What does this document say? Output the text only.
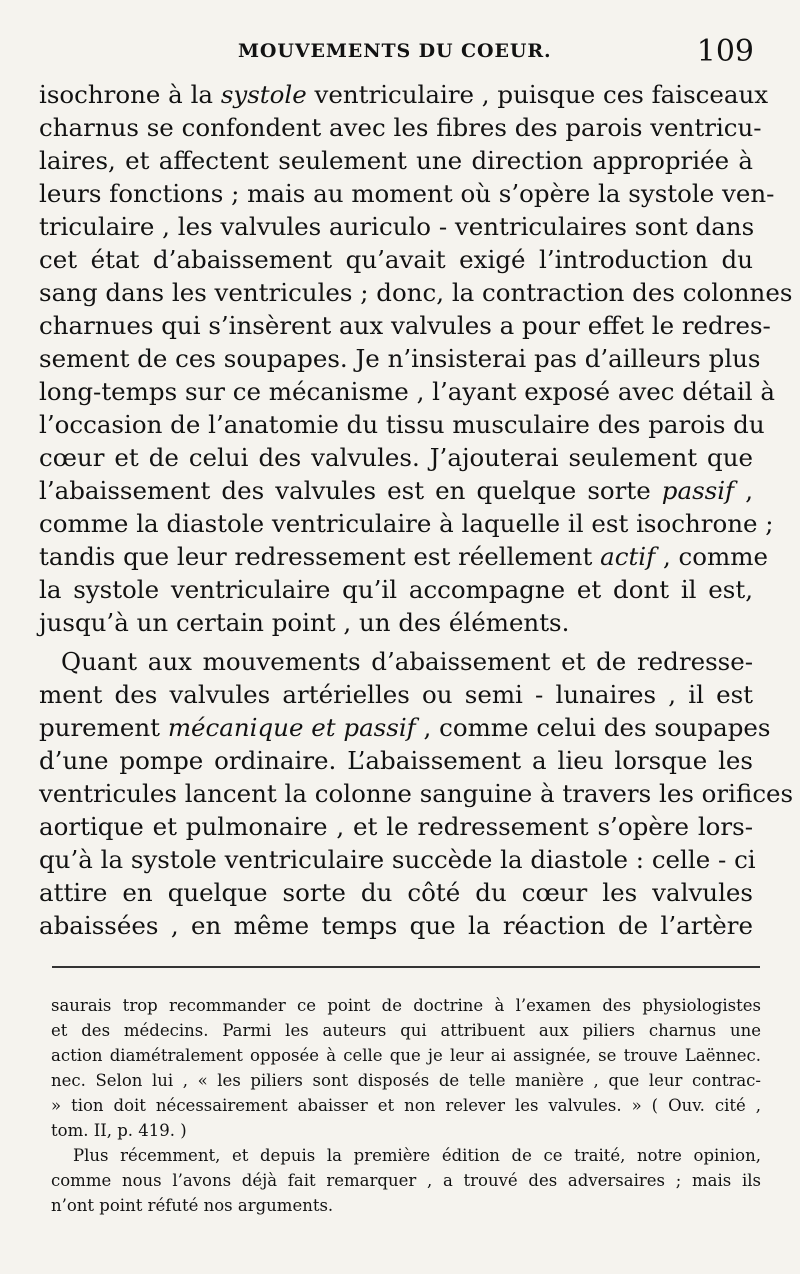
MOUVEMENTS DU COEUR.	109
isochrone à la systole ventriculaire , puisque ces faisceaux
charnus se confondent avec les fibres des parois ventricu-
laires, et affectent seulement une direction appropriée à
leurs fonctions ; mais au moment où s’opère la systole ven-
triculaire , les valvules auriculo - ventriculaires sont dans
cet état d’abaissement qu’avait exigé l’introduction du
sang dans les ventricules ; donc, la contraction des colonnes
charnues qui s’insèrent aux valvules a pour effet le redres-
sement de ces soupapes. Je n’insisterai pas d’ailleurs plus
long-temps sur ce mécanisme , l’ayant exposé avec détail à
l’occasion de l’anatomie du tissu musculaire des parois du
cœur et de celui des valvules. J’ajouterai seulement que
l’abaissement des valvules est en quelque sorte passif ,
comme la diastole ventriculaire à laquelle il est isochrone ;
tandis que leur redressement est réellement actif , comme
la systole ventriculaire qu’il accompagne et dont il est,
jusqu’à un certain point , un des éléments.
Quant aux mouvements d’abaissement et de redresse-
ment des valvules artérielles ou semi - lunaires , il est
purement mécanique et passif , comme celui des soupapes
d’une pompe ordinaire. L’abaissement a lieu lorsque les
ventricules lancent la colonne sanguine à travers les orifices
aortique et pulmonaire , et le redressement s’opère lors-
qu’à la systole ventriculaire succède la diastole : celle - ci
attire en quelque sorte du côté du cœur les valvules
abaissées , en même temps que la réaction de l’artère
saurais trop recommander ce point de doctrine à l’examen des physiologistes
et des médecins. Parmi les auteurs qui attribuent aux piliers charnus une
action diamétralement opposée à celle que je leur ai assignée, se trouve Laënnec.
nec. Selon lui , « les piliers sont disposés de telle manière , que leur contrac-
» tion doit nécessairement abaisser et non relever les valvules. » ( Ouv. cité ,
tom. II, p. 419. )
Plus récemment, et depuis la première édition de ce traité, notre opinion,
comme nous l’avons déjà fait remarquer , a trouvé des adversaires ; mais ils
n’ont point réfuté nos arguments.
